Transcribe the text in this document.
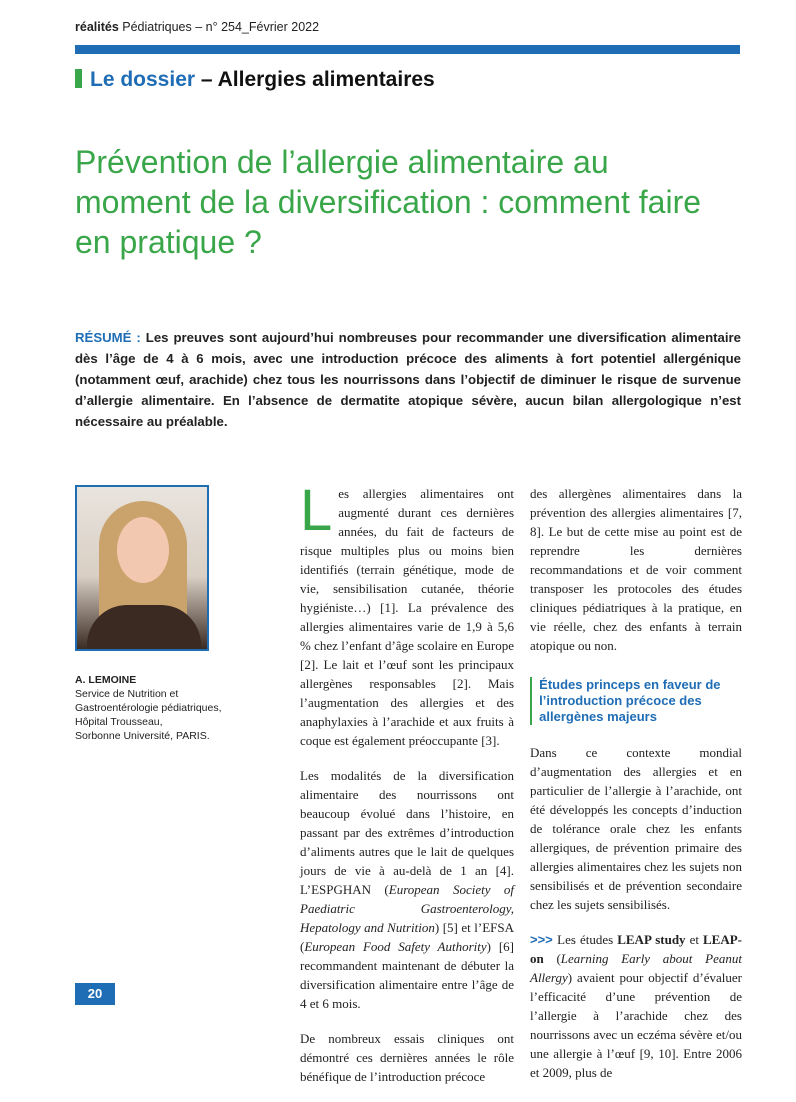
réalités Pédiatriques – n° 254_Février 2022
Le dossier – Allergies alimentaires
Prévention de l’allergie alimentaire au moment de la diversification : comment faire en pratique ?
RÉSUMÉ : Les preuves sont aujourd’hui nombreuses pour recommander une diversification alimentaire dès l’âge de 4 à 6 mois, avec une introduction précoce des aliments à fort potentiel allergénique (notamment œuf, arachide) chez tous les nourrissons dans l’objectif de diminuer le risque de survenue d’allergie alimentaire. En l’absence de dermatite atopique sévère, aucun bilan allergologique n’est nécessaire au préalable.
A. LEMOINE
Service de Nutrition et Gastroentérologie pédiatriques, Hôpital Trousseau,
Sorbonne Université, PARIS.

Les allergies alimentaires ont augmenté durant ces dernières années, du fait de facteurs de risque multiples plus ou moins bien identifiés (terrain génétique, mode de vie, sensibilisation cutanée, théorie hygiéniste…) [1]. La prévalence des allergies alimentaires varie de 1,9 à 5,6 % chez l’enfant d’âge scolaire en Europe [2]. Le lait et l’œuf sont les principaux allergènes responsables [2]. Mais l’augmentation des allergies et des anaphylaxies à l’arachide et aux fruits à coque est également préoccupante [3].

Les modalités de la diversification alimentaire des nourrissons ont beaucoup évolué dans l’histoire, en passant par des extrêmes d’introduction d’aliments autres que le lait de quelques jours de vie à au-delà de 1 an [4]. L’ESPGHAN (European Society of Paediatric Gastroenterology, Hepatology and Nutrition) [5] et l’EFSA (European Food Safety Authority) [6] recommandent maintenant de débuter la diversification alimentaire entre l’âge de 4 et 6 mois.

De nombreux essais cliniques ont démontré ces dernières années le rôle bénéfique de l’introduction précoce

des allergènes alimentaires dans la prévention des allergies alimentaires [7, 8]. Le but de cette mise au point est de reprendre les dernières recommandations et de voir comment transposer les protocoles des études cliniques pédiatriques à la pratique, en vie réelle, chez des enfants à terrain atopique ou non.

Études princeps en faveur de l’introduction précoce des allergènes majeurs

Dans ce contexte mondial d’augmentation des allergies et en particulier de l’allergie à l’arachide, ont été développés les concepts d’induction de tolérance orale chez les enfants allergiques, de prévention primaire des allergies alimentaires chez les sujets non sensibilisés et de prévention secondaire chez les sujets sensibilisés.

>>> Les études LEAP study et LEAP-on (Learning Early about Peanut Allergy) avaient pour objectif d’évaluer l’efficacité d’une prévention de l’allergie à l’arachide chez des nourrissons avec un eczéma sévère et/ou une allergie à l’œuf [9, 10]. Entre 2006 et 2009, plus de

20
